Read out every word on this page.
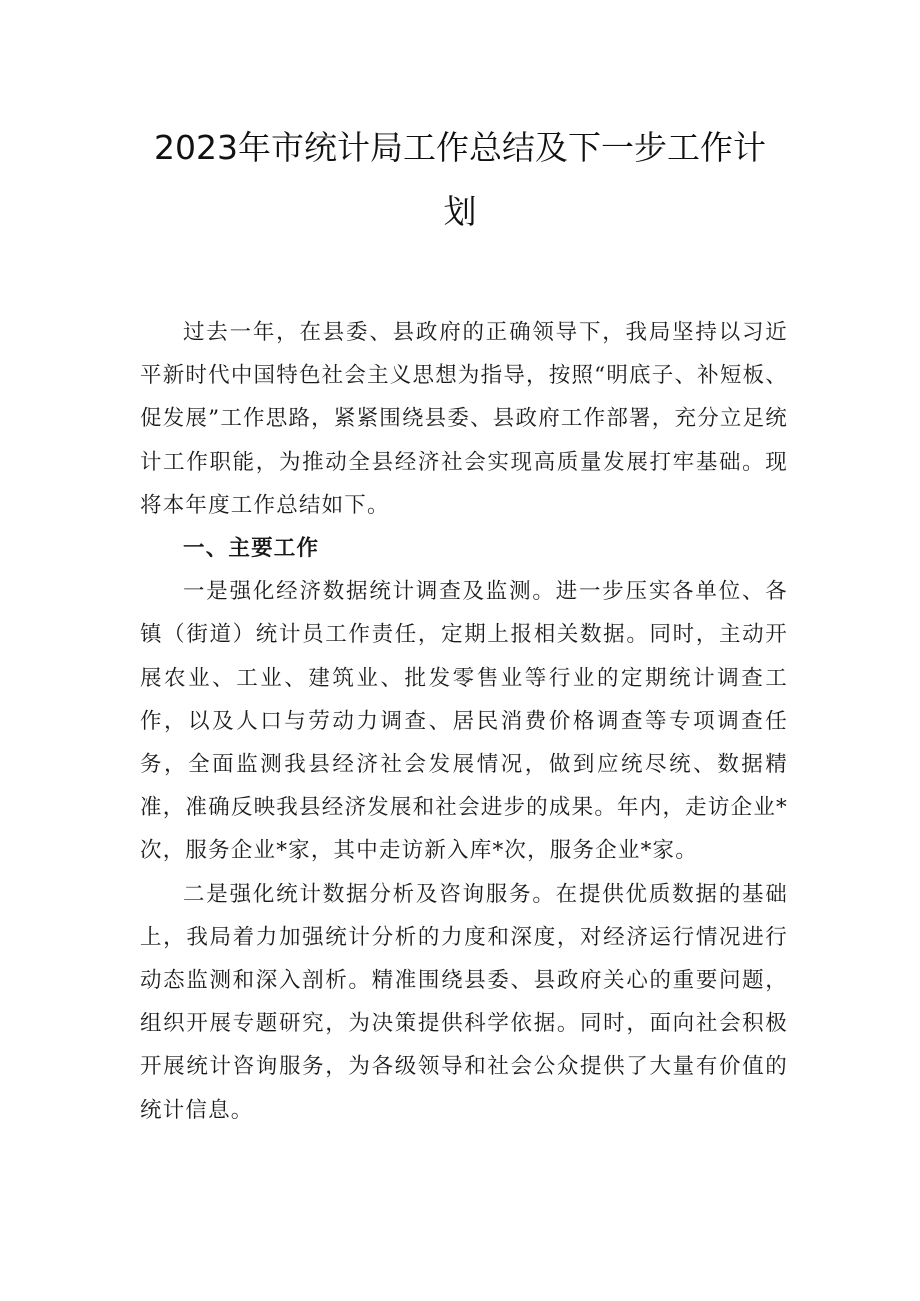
2023年市统计局工作总结及下一步工作计
划

过去一年，在县委、县政府的正确领导下，我局坚持以习近平新时代中国特色社会主义思想为指导，按照“明底子、补短板、促发展”工作思路，紧紧围绕县委、县政府工作部署，充分立足统计工作职能，为推动全县经济社会实现高质量发展打牢基础。现将本年度工作总结如下。

一、主要工作

一是强化经济数据统计调查及监测。进一步压实各单位、各镇（街道）统计员工作责任，定期上报相关数据。同时，主动开展农业、工业、建筑业、批发零售业等行业的定期统计调查工作，以及人口与劳动力调查、居民消费价格调查等专项调查任务，全面监测我县经济社会发展情况，做到应统尽统、数据精准，准确反映我县经济发展和社会进步的成果。年内，走访企业*次，服务企业*家，其中走访新入库*次，服务企业*家。

二是强化统计数据分析及咨询服务。在提供优质数据的基础上，我局着力加强统计分析的力度和深度，对经济运行情况进行动态监测和深入剖析。精准围绕县委、县政府关心的重要问题，组织开展专题研究，为决策提供科学依据。同时，面向社会积极开展统计咨询服务，为各级领导和社会公众提供了大量有价值的统计信息。
